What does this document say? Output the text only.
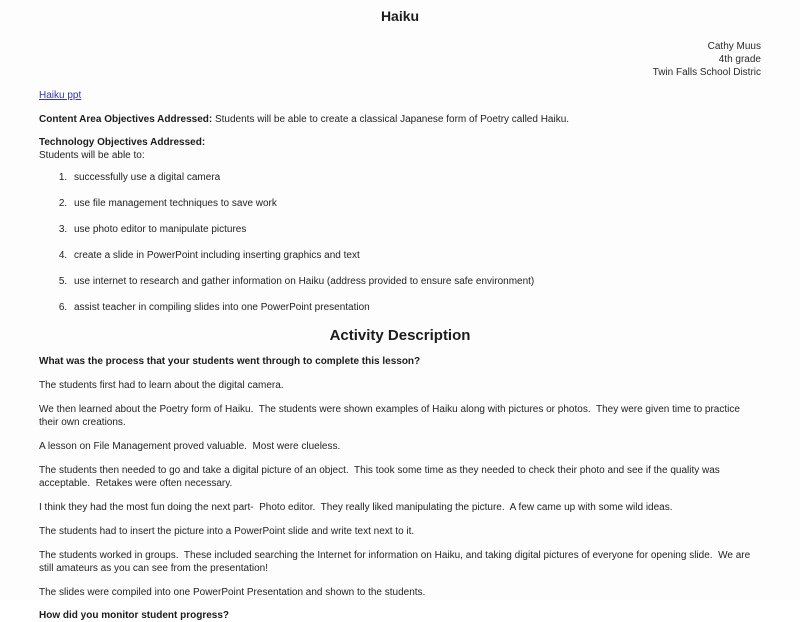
Haiku
Cathy Muus
4th grade
Twin Falls School Distric
Haiku ppt

Content Area Objectives Addressed: Students will be able to create a classical Japanese form of Poetry called Haiku.

Technology Objectives Addressed:

Students will be able to:

1. successfully use a digital camera
2. use file management techniques to save work
3. use photo editor to manipulate pictures
4. create a slide in PowerPoint including inserting graphics and text
5. use internet to research and gather information on Haiku (address provided to ensure safe environment)
6. assist teacher in compiling slides into one PowerPoint presentation
Activity Description

What was the process that your students went through to complete this lesson?

The students first had to learn about the digital camera.

We then learned about the Poetry form of Haiku.  The students were shown examples of Haiku along with pictures or photos.  They were given time to practice their own creations.

A lesson on File Management proved valuable.  Most were clueless.

The students then needed to go and take a digital picture of an object.  This took some time as they needed to check their photo and see if the quality was acceptable.  Retakes were often necessary.

I think they had the most fun doing the next part-  Photo editor.  They really liked manipulating the picture.  A few came up with some wild ideas.

The students had to insert the picture into a PowerPoint slide and write text next to it.

The students worked in groups.  These included searching the Internet for information on Haiku, and taking digital pictures of everyone for opening slide.  We are still amateurs as you can see from the presentation!

The slides were compiled into one PowerPoint Presentation and shown to the students.

How did you monitor student progress?
